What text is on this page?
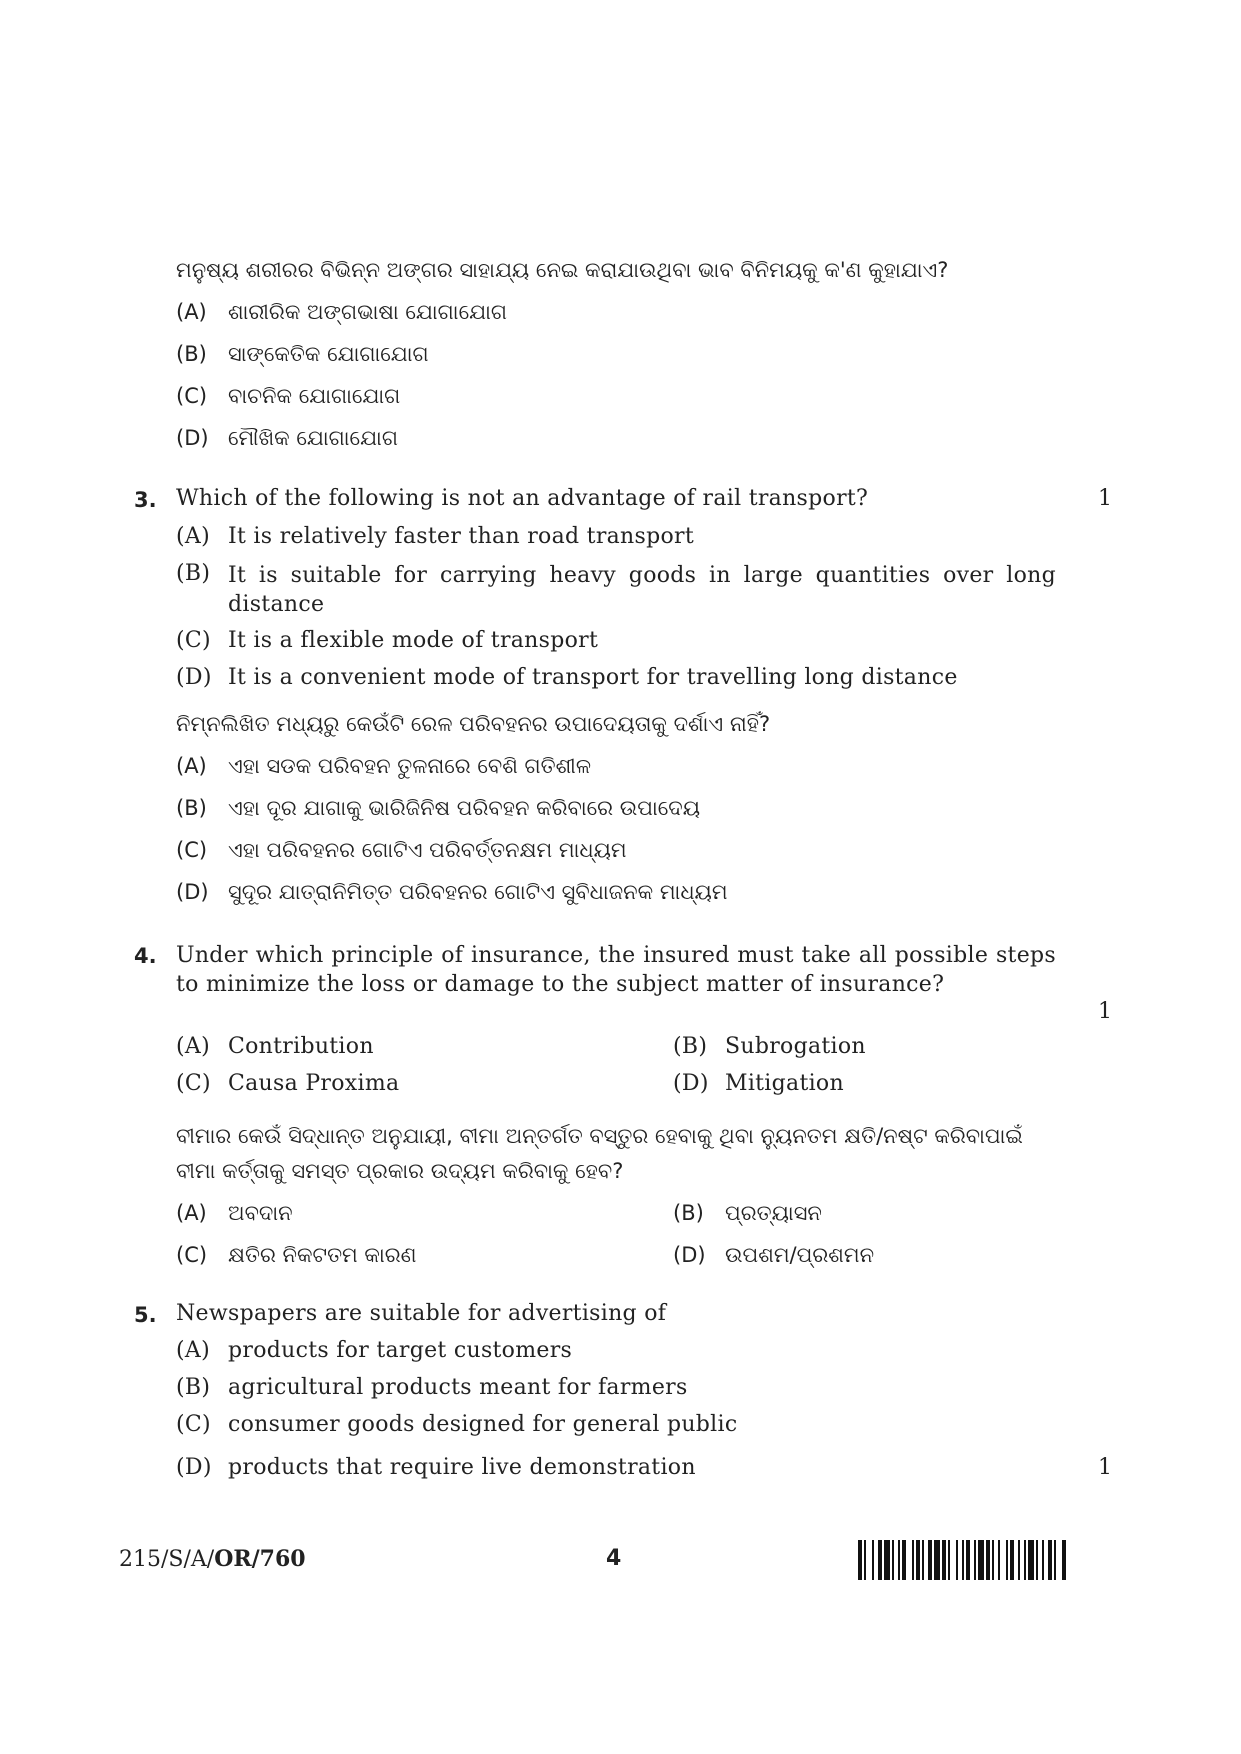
ମନୁଷ୍ୟ ଶରୀରର ବିଭିନ୍ନ ଅଙ୍ଗର ସାହାଯ୍ୟ ନେଇ କରାଯାଉଥିବା ଭାବ ବିନିମୟକୁ କ'ଣ କୁହାଯାଏ?
(A) ଶାରୀରିକ ଅଙ୍ଗଭାଷା ଯୋଗାଯୋଗ
(B) ସାଙ୍କେତିକ ଯୋଗାଯୋଗ
(C) ବାଚନିକ ଯୋଗାଯୋଗ
(D) ମୌଖିକ ଯୋଗାଯୋଗ
3. Which of the following is not an advantage of rail transport?	1
(A) It is relatively faster than road transport
(B) It is suitable for carrying heavy goods in large quantities over long distance
(C) It is a flexible mode of transport
(D) It is a convenient mode of transport for travelling long distance
ନିମ୍ନଲିଖିତ ମଧ୍ୟରୁ କେଉଁଟି ରେଳ ପରିବହନର ଉପାଦେୟତାକୁ ଦର୍ଶାଏ ନାହିଁ?
(A) ଏହା ସଡକ ପରିବହନ ତୁଳନାରେ ବେଶି ଗତିଶୀଳ
(B) ଏହା ଦୂର ଯାଗାକୁ ଭାରିଜିନିଷ ପରିବହନ କରିବାରେ ଉପାଦେୟ
(C) ଏହା ପରିବହନର ଗୋଟିଏ ପରିବର୍ତ୍ତନକ୍ଷମ ମାଧ୍ୟମ
(D) ସୁଦୂର ଯାତ୍ରାନିମିତ୍ତ ପରିବହନର ଗୋଟିଏ ସୁବିଧାଜନକ ମାଧ୍ୟମ
4. Under which principle of insurance, the insured must take all possible steps to minimize the loss or damage to the subject matter of insurance?
1
(A) Contribution	(B) Subrogation
(C) Causa Proxima	(D) Mitigation
ବୀମାର କେଉଁ ସିଦ୍ଧାନ୍ତ ଅନୁଯାୟୀ, ବୀମା ଅନ୍ତର୍ଗତ ବସ୍ତୁର ହେବାକୁ ଥିବା ନ୍ୟୁନତମ କ୍ଷତି/ନଷ୍ଟ କରିବାପାଇଁ ବୀମା କର୍ତ୍ତାକୁ ସମସ୍ତ ପ୍ରକାର ଉଦ୍ୟମ କରିବାକୁ ହେବ?
(A) ଅବଦାନ	(B) ପ୍ରତ୍ୟାସନ
(C) କ୍ଷତିର ନିକଟତମ କାରଣ	(D) ଉପଶମ/ପ୍ରଶମନ
5. Newspapers are suitable for advertising of
(A) products for target customers
(B) agricultural products meant for farmers
(C) consumer goods designed for general public
(D) products that require live demonstration	1
215/S/A/OR/760	4
